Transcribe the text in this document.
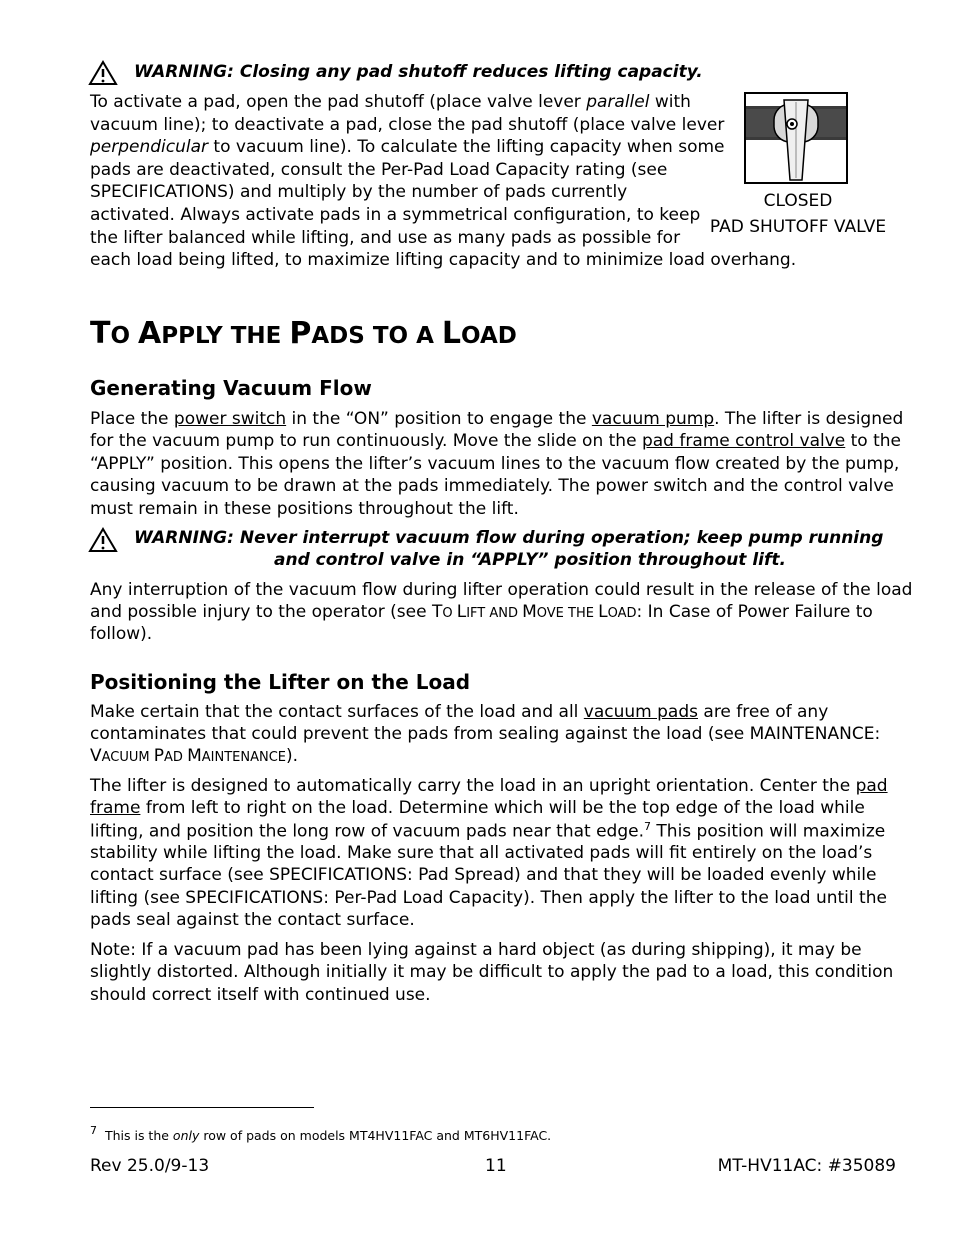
WARNING: Closing any pad shutoff reduces lifting capacity.
To activate a pad, open the pad shutoff (place valve lever parallel with
vacuum line); to deactivate a pad, close the pad shutoff (place valve lever
perpendicular to vacuum line). To calculate the lifting capacity when some
pads are deactivated, consult the Per-Pad Load Capacity rating (see
SPECIFICATIONS) and multiply by the number of pads currently
activated. Always activate pads in a symmetrical configuration, to keep
the lifter balanced while lifting, and use as many pads as possible for
each load being lifted, to maximize lifting capacity and to minimize load overhang.
CLOSED
PAD SHUTOFF VALVE
TO APPLY THE PADS TO A LOAD
Generating Vacuum Flow
Place the power switch in the “ON” position to engage the vacuum pump. The lifter is designed
for the vacuum pump to run continuously. Move the slide on the pad frame control valve to the
“APPLY” position. This opens the lifter’s vacuum lines to the vacuum flow created by the pump,
causing vacuum to be drawn at the pads immediately. The power switch and the control valve
must remain in these positions throughout the lift.
WARNING: Never interrupt vacuum flow during operation; keep pump running
and control valve in “APPLY” position throughout lift.
Any interruption of the vacuum flow during lifter operation could result in the release of the load
and possible injury to the operator (see TO LIFT AND MOVE THE LOAD: In Case of Power Failure to
follow).
Positioning the Lifter on the Load
Make certain that the contact surfaces of the load and all vacuum pads are free of any
contaminates that could prevent the pads from sealing against the load (see MAINTENANCE:
VACUUM PAD MAINTENANCE).
The lifter is designed to automatically carry the load in an upright orientation. Center the pad
frame from left to right on the load. Determine which will be the top edge of the load while
lifting, and position the long row of vacuum pads near that edge.$^7$ This position will maximize
stability while lifting the load. Make sure that all activated pads will fit entirely on the load’s
contact surface (see SPECIFICATIONS: Pad Spread) and that they will be loaded evenly while
lifting (see SPECIFICATIONS: Per-Pad Load Capacity). Then apply the lifter to the load until the
pads seal against the contact surface.
Note: If a vacuum pad has been lying against a hard object (as during shipping), it may be
slightly distorted. Although initially it may be difficult to apply the pad to a load, this condition
should correct itself with continued use.
$^7$ This is the only row of pads on models MT4HV11FAC and MT6HV11FAC.
Rev 25.0/9-13	11	MT-HV11AC: #35089
